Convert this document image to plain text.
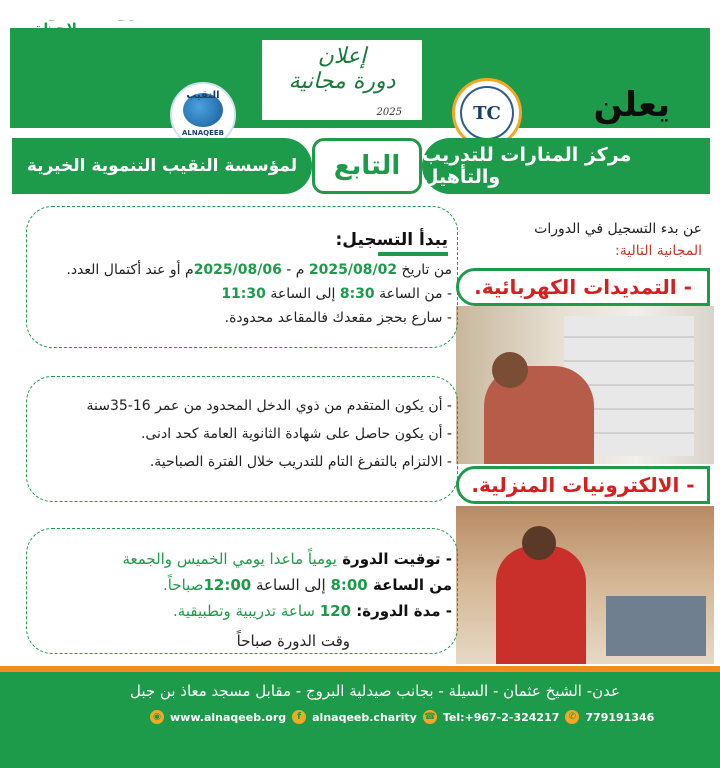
إعلان
دورة مجانية
2025
النقيب
ALNAQEEB
TC	يعلن
مركز المنارات للتدريب والتأهيل
التابع
لمؤسسة النقيب التنموية الخيرية
عن بدء التسجيل في الدورات
المجانية التالية:
- التمديدات الكهربائية.
- الالكترونيات المنزلية.
يبدأ التسجيل:
من تاريخ 2025/08/02 م - 2025/08/06م أو عند أكتمال العدد.
- من الساعة 8:30 إلى الساعة 11:30
- سارع بحجز مقعدك فالمقاعد محدودة.
- أن يكون المتقدم من ذوي الدخل المحدود من عمر 16-35سنة
- أن يكون حاصل على شهادة الثانوية العامة كحد ادنى.
- الالتزام بالتفرغ التام للتدريب خلال الفترة الصباحية.
- توقيت الدورة يومياً ماعدا يومي الخميس والجمعة
من الساعة 8:00 إلى الساعة 12:00صباحاً.
- مدة الدورة: 120 ساعة تدريبية وتطبيقية.
وقت الدورة صباحاً
عدن- الشيخ عثمان - السيلة - بجانب صيدلية البروج - مقابل مسجد معاذ بن جبل
◉ www.alnaqeeb.org	f	alnaqeeb.charity ☎ Tel:+967-2-324217	✆ 779191346
